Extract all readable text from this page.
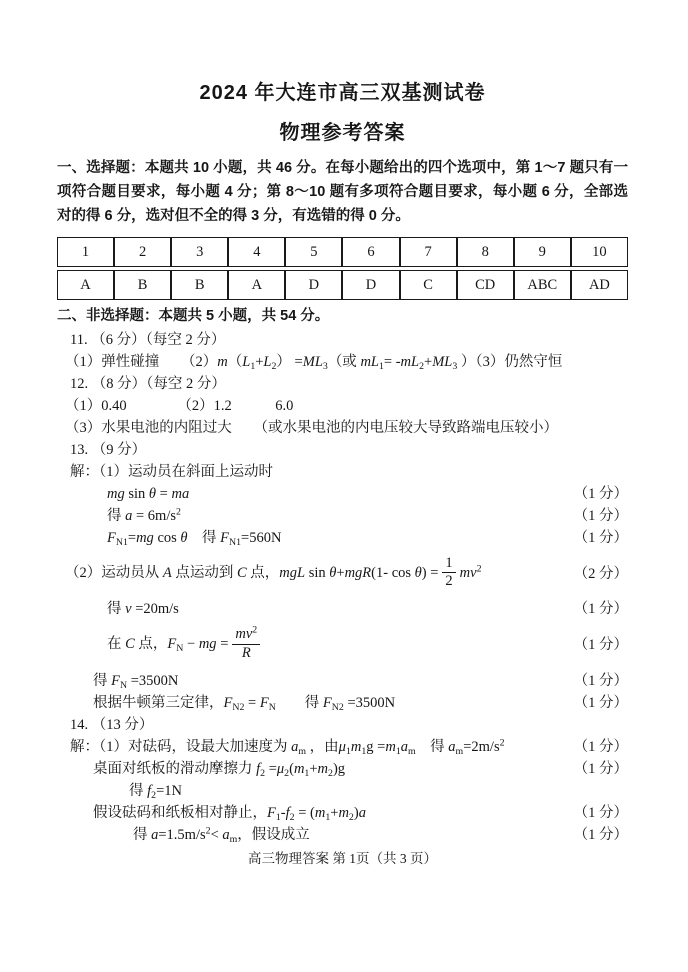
2024 年大连市高三双基测试卷
物理参考答案

一、选择题：本题共 10 小题，共 46 分。在每小题给出的四个选项中，第 1～7 题只有一项符合题目要求，每小题 4 分；第 8～10 题有多项符合题目要求，每小题 6 分，全部选对的得 6 分，选对但不全的得 3 分，有选错的得 0 分。

1	2	3	4	5	6	7	8	9	10
A	B	B	A	D	D	C	CD	ABC	AD

二、非选择题：本题共 5 小题，共 54 分。

11. （6 分）（每空 2 分）
（1）弹性碰撞　　$(2)m(L_1+L_2) =ML_3$（或 $mL_1= -mL_2+ML_3$ ）（3）仍然守恒
12. （8 分）（每空 2 分）
（1）0.40　　　　（2）1.2　　　6.0
（3）水果电池的内阻过大　　（或水果电池的内电压较大导致路端电压较小）
13. （9 分）
解：（1）运动员在斜面上运动时
mg sin θ = ma	（1 分）
得 $a = 6m/s^2$	（1 分）
$F_{N1}=mg$ cos θ　得 $F_{N1}=560N$	（1 分）
（2）运动员从 A 点运动到 C 点，mgL sin θ+mgR(1- $\cos \theta) = \frac{1}{2} mv^2$	（2 分）
得 v =20m/s	（1 分）
在 C 点，$F_N$ − mg = $\frac{mv^2}{R}$	（1 分）
得 $F_N =3500N$	（1 分）
根据牛顿第三定律，$F_{N2} = F_N$　　得 $F_{N2} =3500N$	（1 分）
14. （13 分）
解：（1）对砝码，设最大加速度为 $a_m$ ，由$\mu_1m_1g =m_1a_m$　得 $a_m=2m/s^2$	（1 分）
桌面对纸板的滑动摩擦力 $f_2 =\mu_2(m_1+m_2)g$	（1 分）
得 $f_2=1N$
假设砝码和纸板相对静止，$F_1-f_2 = (m_1+m_2)a$	（1 分）
得 $a=1.5m/s^2< a_m$，假设成立	（1 分）
高三物理答案 第 1页（共 3 页）
